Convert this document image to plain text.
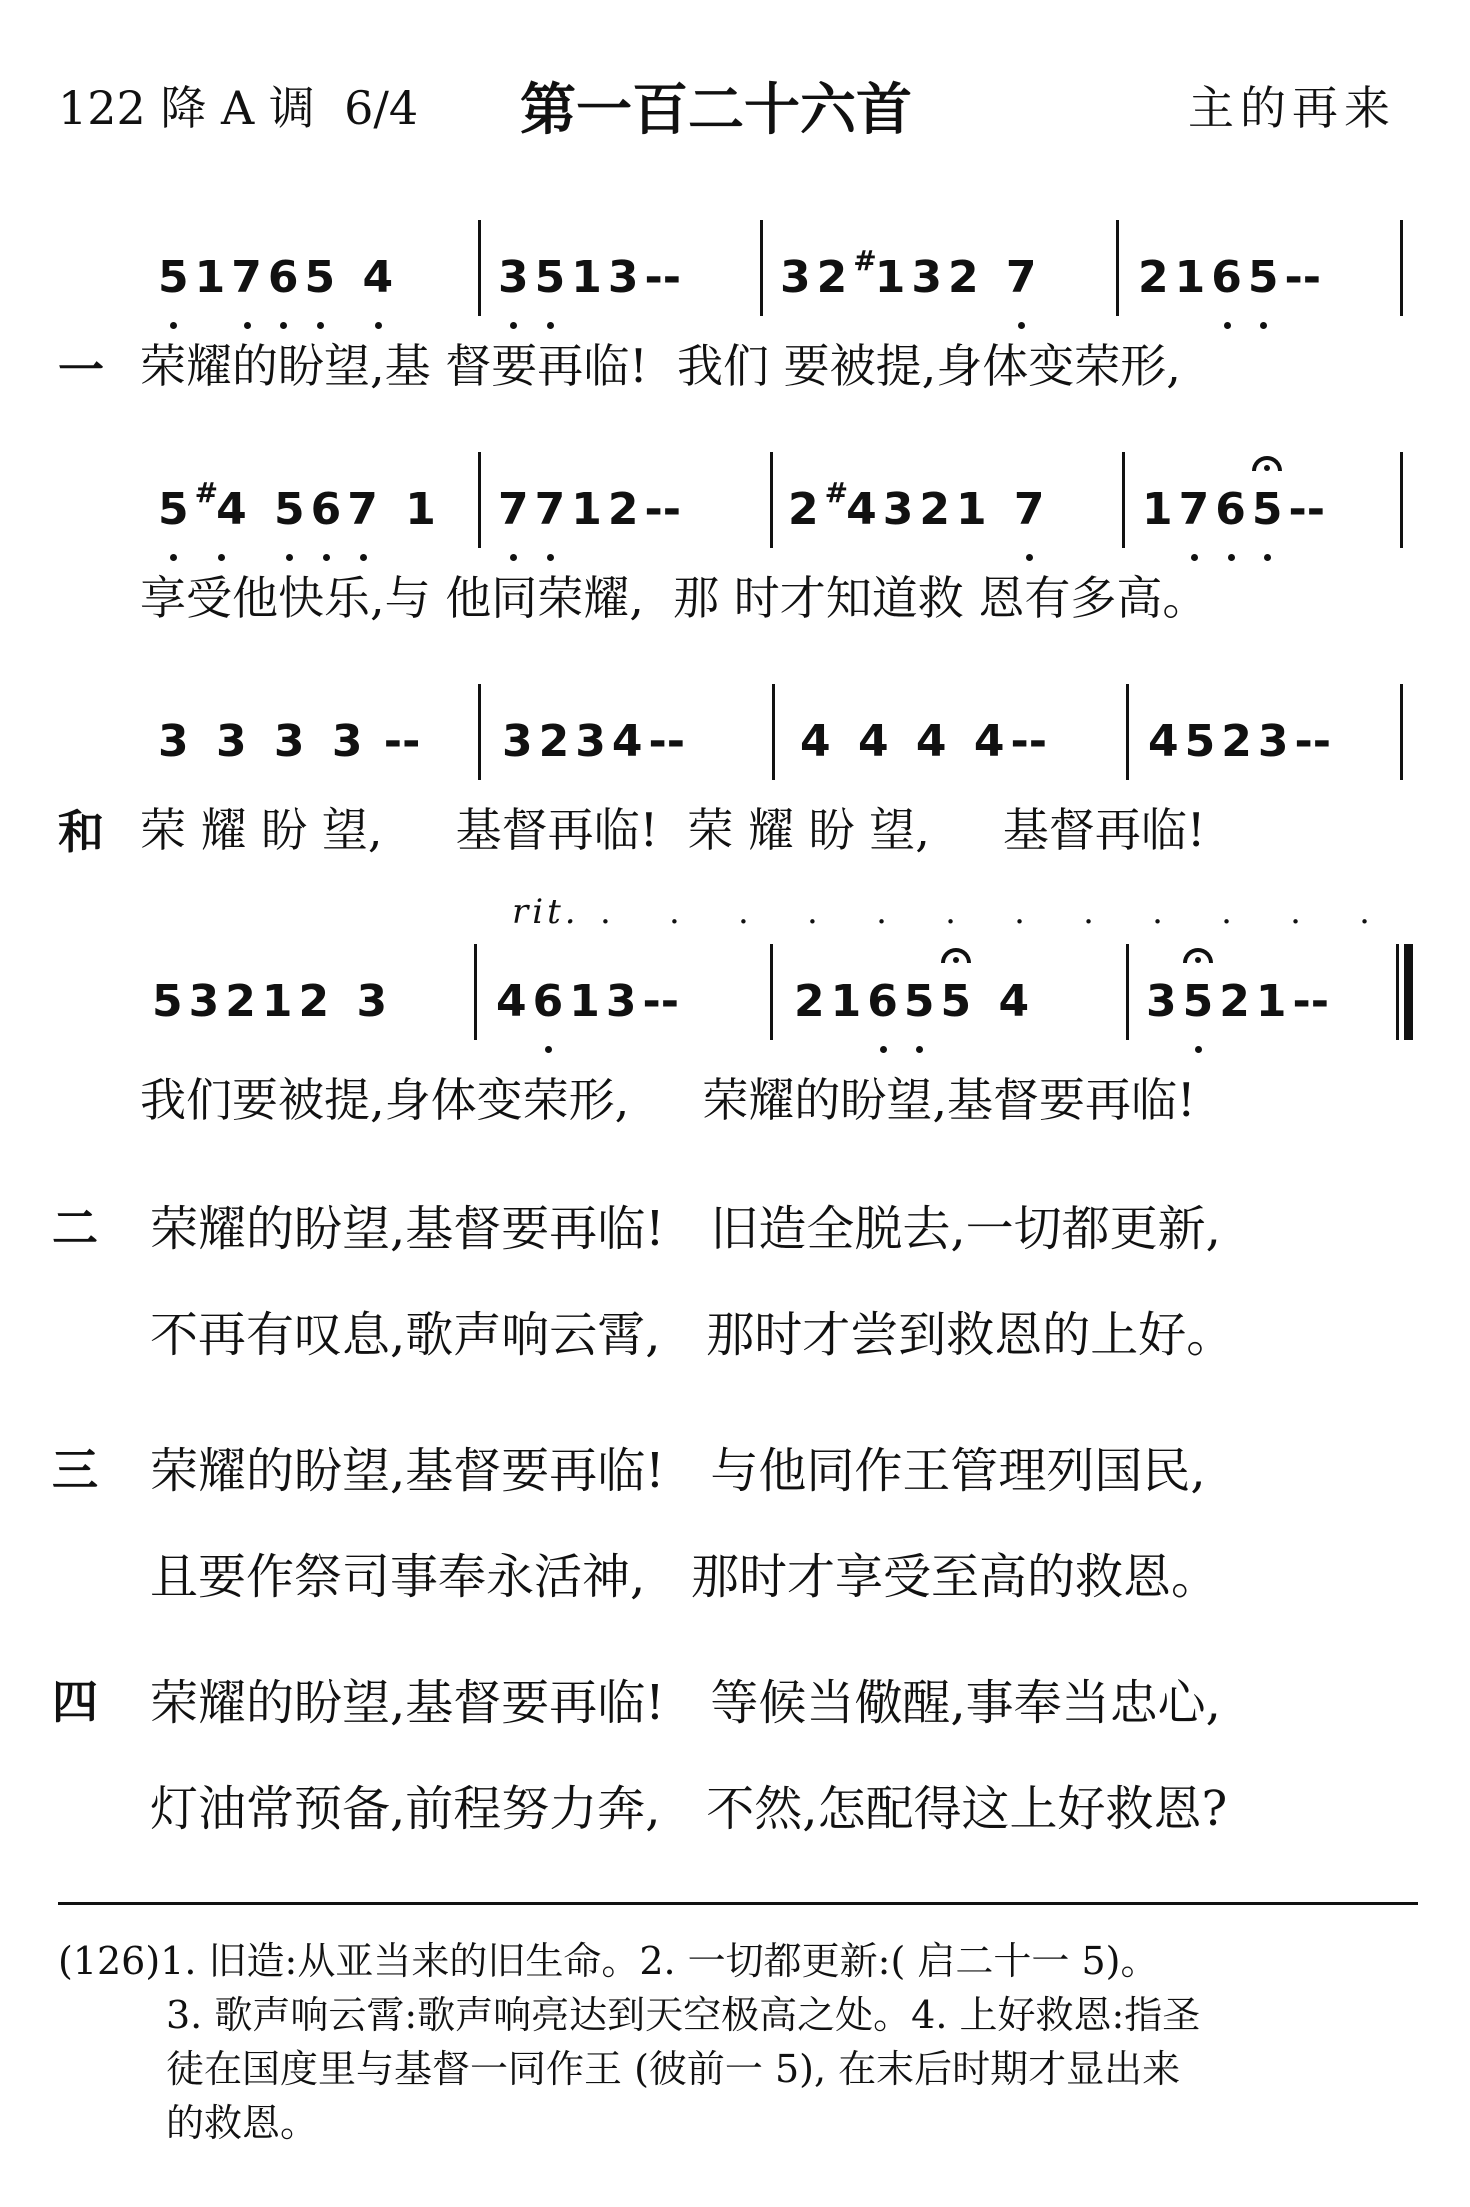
122 降 A 调  6/4 第一百二十六首	主的再来
5 1 7 6 5 4 3 5 1 3 -- 3 2 #1 3 2 7 2 1 6 5 --
5 #4 5 6 7 1 7 7 1 2 -- 2 #4 3 2 1 7 1 7 6 5 --
3 3 3 3 -- 3 2 3 4 --	4 4 4 4 -- 4 5 2 3 --
5 3 2 1 2 3 4 6 1 3 --	2 1 6 5 5 4	3 5 2 1 --
一 荣耀的盼望,基 督要再临!  我们 要被提,身体变荣形,
享受他快乐,与 他同荣耀,  那 时才知道救 恩有多高。
和 荣 耀 盼 望,     基督再临!  荣 耀 盼 望,     基督再临!
rit. . . . . . . . . . . . .
我们要被提,身体变荣形,     荣耀的盼望,基督要再临!
二 荣耀的盼望,基督要再临!   旧造全脱去,一切都更新,
不再有叹息,歌声响云霄,   那时才尝到救恩的上好。
三 荣耀的盼望,基督要再临!   与他同作王管理列国民,
且要作祭司事奉永活神,   那时才享受至高的救恩。
四 荣耀的盼望,基督要再临!   等候当儆醒,事奉当忠心,
灯油常预备,前程努力奔,   不然,怎配得这上好救恩?
(126)1. 旧造:从亚当来的旧生命。2. 一切都更新:( 启二十一 5)。
3. 歌声响云霄:歌声响亮达到天空极高之处。4. 上好救恩:指圣
徒在国度里与基督一同作王 (彼前一 5), 在末后时期才显出来
的救恩。
